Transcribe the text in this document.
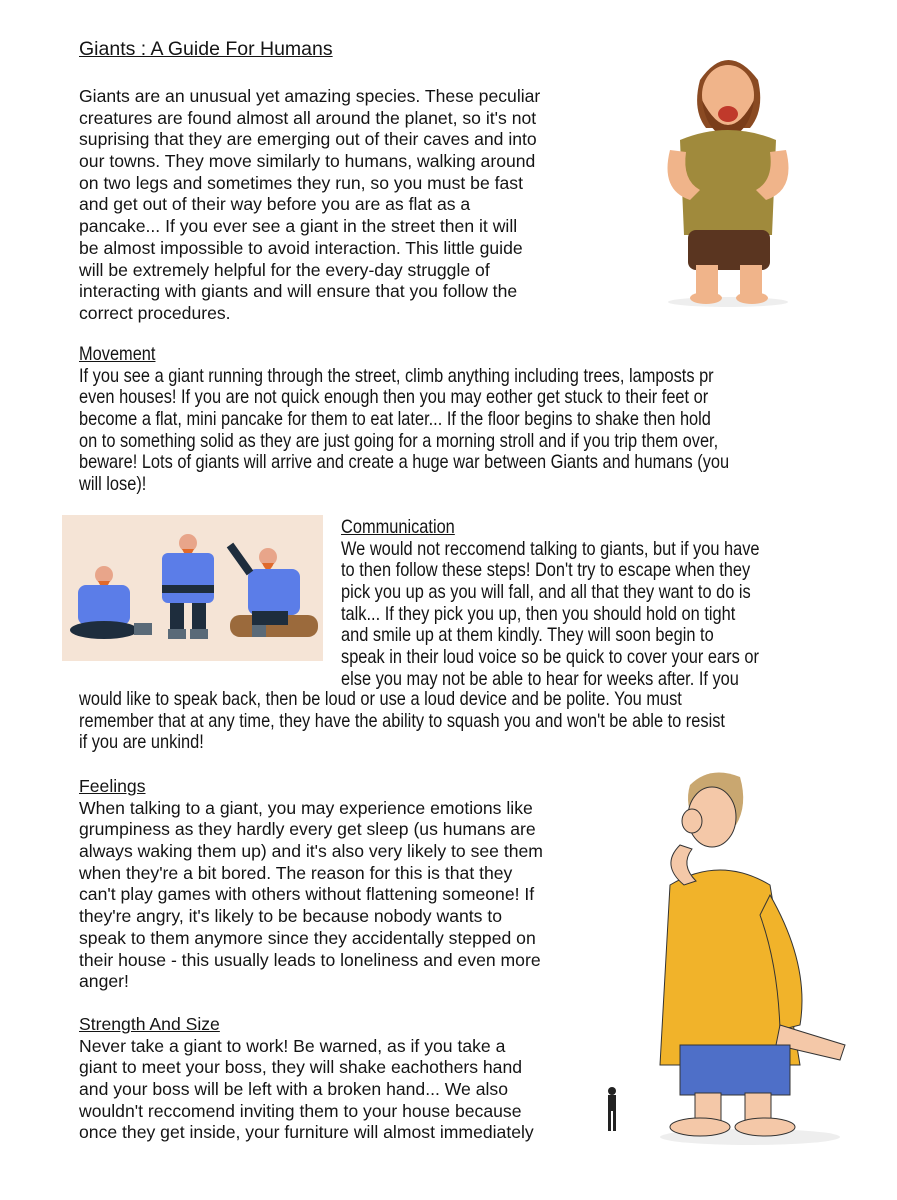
Giants : A Guide For Humans
Giants are an unusual yet amazing species. These peculiar
creatures are found almost all around the planet, so it's not
suprising that they are emerging out of their caves and into
our towns. They move similarly to humans, walking around
on two legs and sometimes they run, so you must be fast
and get out of their way before you are as flat as a
pancake... If you ever see a giant in the street then it will
be almost impossible to avoid interaction. This little guide
will be extremely helpful for the every-day struggle of
interacting with giants and will ensure that you follow the
correct procedures.
Movement
If you see a giant running through the street, climb anything including trees, lamposts pr
even houses! If you are not quick enough then you may eother get stuck to their feet or
become a flat, mini pancake for them to eat later... If the floor begins to shake then hold
on to something solid as they are just going for a morning stroll and if you trip them over,
beware! Lots of giants will arrive and create a huge war between Giants and humans (you
will lose)!
Communication
We would not reccomend talking to giants, but if you have
to then follow these steps! Don't try to escape when they
pick you up as you will fall, and all that they want to do is
talk... If they pick you up, then you should hold on tight
and smile up at them kindly. They will soon begin to
speak in their loud voice so be quick to cover your ears or
else you may not be able to hear for weeks after. If you
would like to speak back, then be loud or use a loud device and be polite. You must
remember that at any time, they have the ability to squash you and won't be able to resist
if you are unkind!
Feelings
When talking to a giant, you may experience emotions like
grumpiness as they hardly every get sleep (us humans are
always waking them up) and it's also very likely to see them
when they're a bit bored. The reason for this is that they
can't play games with others without flattening someone! If
they're angry, it's likely to be because nobody wants to
speak to them anymore since they accidentally stepped on
their house - this usually leads to loneliness and even more
anger!
Strength And Size
Never take a giant to work! Be warned, as if you take a
giant to meet your boss, they will shake eachothers hand
and your boss will be left with a broken hand... We also
wouldn't reccomend inviting them to your house because
once they get inside, your furniture will almost immediately
